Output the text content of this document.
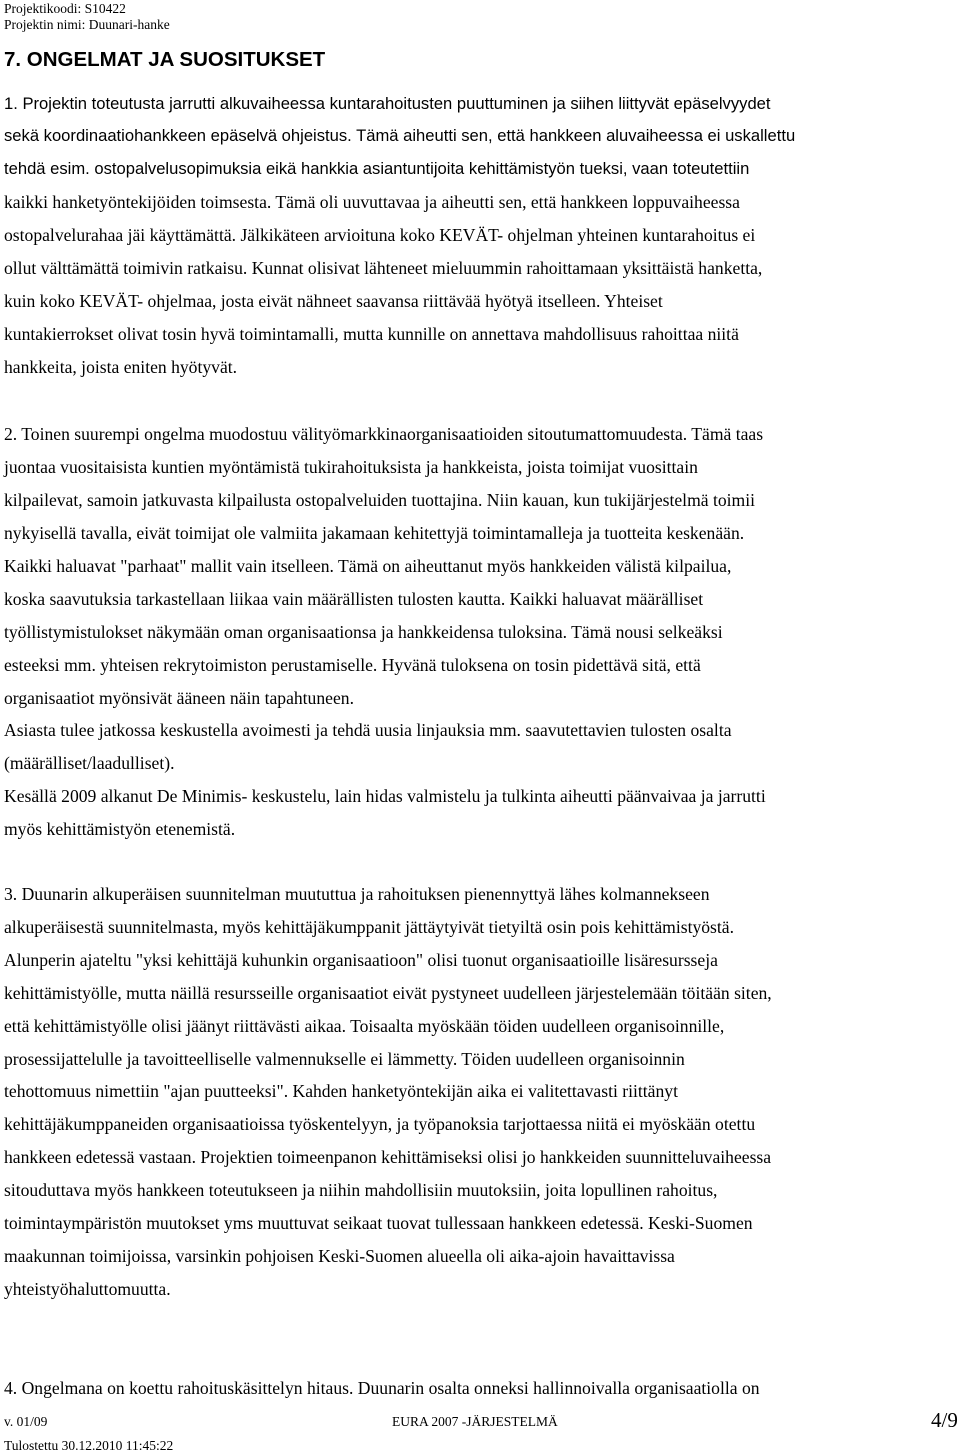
Projektikoodi: S10422
Projektin nimi: Duunari-hanke
7. ONGELMAT JA SUOSITUKSET
1. Projektin toteutusta jarrutti alkuvaiheessa kuntarahoitusten puuttuminen ja siihen liittyvät epäselvyydet
sekä koordinaatiohankkeen epäselvä ohjeistus. Tämä aiheutti sen, että hankkeen aluvaiheessa ei uskallettu
tehdä esim. ostopalvelusopimuksia eikä hankkia asiantuntijoita kehittämistyön tueksi, vaan toteutettiin
kaikki hanketyöntekijöiden toimsesta. Tämä oli uuvuttavaa ja aiheutti sen, että hankkeen loppuvaiheessa
ostopalvelurahaa jäi käyttämättä. Jälkikäteen arvioituna koko KEVÄT- ohjelman yhteinen kuntarahoitus ei
ollut välttämättä toimivin ratkaisu. Kunnat olisivat lähteneet mieluummin rahoittamaan yksittäistä hanketta,
kuin koko KEVÄT- ohjelmaa, josta eivät nähneet saavansa riittävää hyötyä itselleen. Yhteiset
kuntakierrokset olivat tosin hyvä toimintamalli, mutta kunnille on annettava mahdollisuus rahoittaa niitä
hankkeita, joista eniten hyötyvät.
2. Toinen suurempi ongelma muodostuu välityömarkkinaorganisaatioiden sitoutumattomuudesta. Tämä taas
juontaa vuositaisista kuntien myöntämistä tukirahoituksista ja hankkeista, joista toimijat vuosittain
kilpailevat, samoin jatkuvasta kilpailusta ostopalveluiden tuottajina. Niin kauan, kun tukijärjestelmä toimii
nykyisellä tavalla, eivät toimijat ole valmiita jakamaan kehitettyjä toimintamalleja ja tuotteita keskenään.
Kaikki haluavat "parhaat" mallit vain itselleen. Tämä on aiheuttanut myös hankkeiden välistä kilpailua,
koska saavutuksia tarkastellaan liikaa vain määrällisten tulosten kautta. Kaikki haluavat määrälliset
työllistymistulokset näkymään oman organisaationsa ja hankkeidensa tuloksina. Tämä nousi selkeäksi
esteeksi mm. yhteisen rekrytoimiston perustamiselle. Hyvänä tuloksena on tosin pidettävä sitä, että
organisaatiot myönsivät ääneen näin tapahtuneen.
Asiasta tulee jatkossa keskustella avoimesti ja tehdä uusia linjauksia mm. saavutettavien tulosten osalta
(määrälliset/laadulliset).
Kesällä 2009 alkanut De Minimis- keskustelu, lain hidas valmistelu ja tulkinta aiheutti päänvaivaa ja jarrutti
myös kehittämistyön etenemistä.
3. Duunarin alkuperäisen suunnitelman muututtua ja rahoituksen pienennyttyä lähes kolmannekseen
alkuperäisestä suunnitelmasta, myös kehittäjäkumppanit jättäytyivät tietyiltä osin pois kehittämistyöstä.
Alunperin ajateltu "yksi kehittäjä kuhunkin organisaatioon" olisi tuonut organisaatioille lisäresursseja
kehittämistyölle, mutta näillä resursseille organisaatiot eivät pystyneet uudelleen järjestelemään töitään siten,
että kehittämistyölle olisi jäänyt riittävästi aikaa. Toisaalta myöskään töiden uudelleen organisoinnille,
prosessijattelulle ja tavoitteelliselle valmennukselle ei lämmetty. Töiden uudelleen organisoinnin
tehottomuus nimettiin "ajan puutteeksi". Kahden hanketyöntekijän aika ei valitettavasti riittänyt
kehittäjäkumppaneiden organisaatioissa työskentelyyn, ja työpanoksia tarjottaessa niitä ei myöskään otettu
hankkeen edetessä vastaan. Projektien toimeenpanon kehittämiseksi olisi jo hankkeiden suunnitteluvaiheessa
sitouduttava myös hankkeen toteutukseen ja niihin mahdollisiin muutoksiin, joita lopullinen rahoitus,
toimintaympäristön muutokset yms muuttuvat seikaat tuovat tullessaan hankkeen edetessä. Keski-Suomen
maakunnan toimijoissa, varsinkin pohjoisen Keski-Suomen alueella oli aika-ajoin havaittavissa
yhteistyöhaluttomuutta.
4. Ongelmana on koettu rahoituskäsittelyn hitaus. Duunarin osalta onneksi hallinnoivalla organisaatiolla on
v. 01/09	EURA 2007 -JÄRJESTELMÄ	4/9
Tulostettu 30.12.2010 11:45:22
